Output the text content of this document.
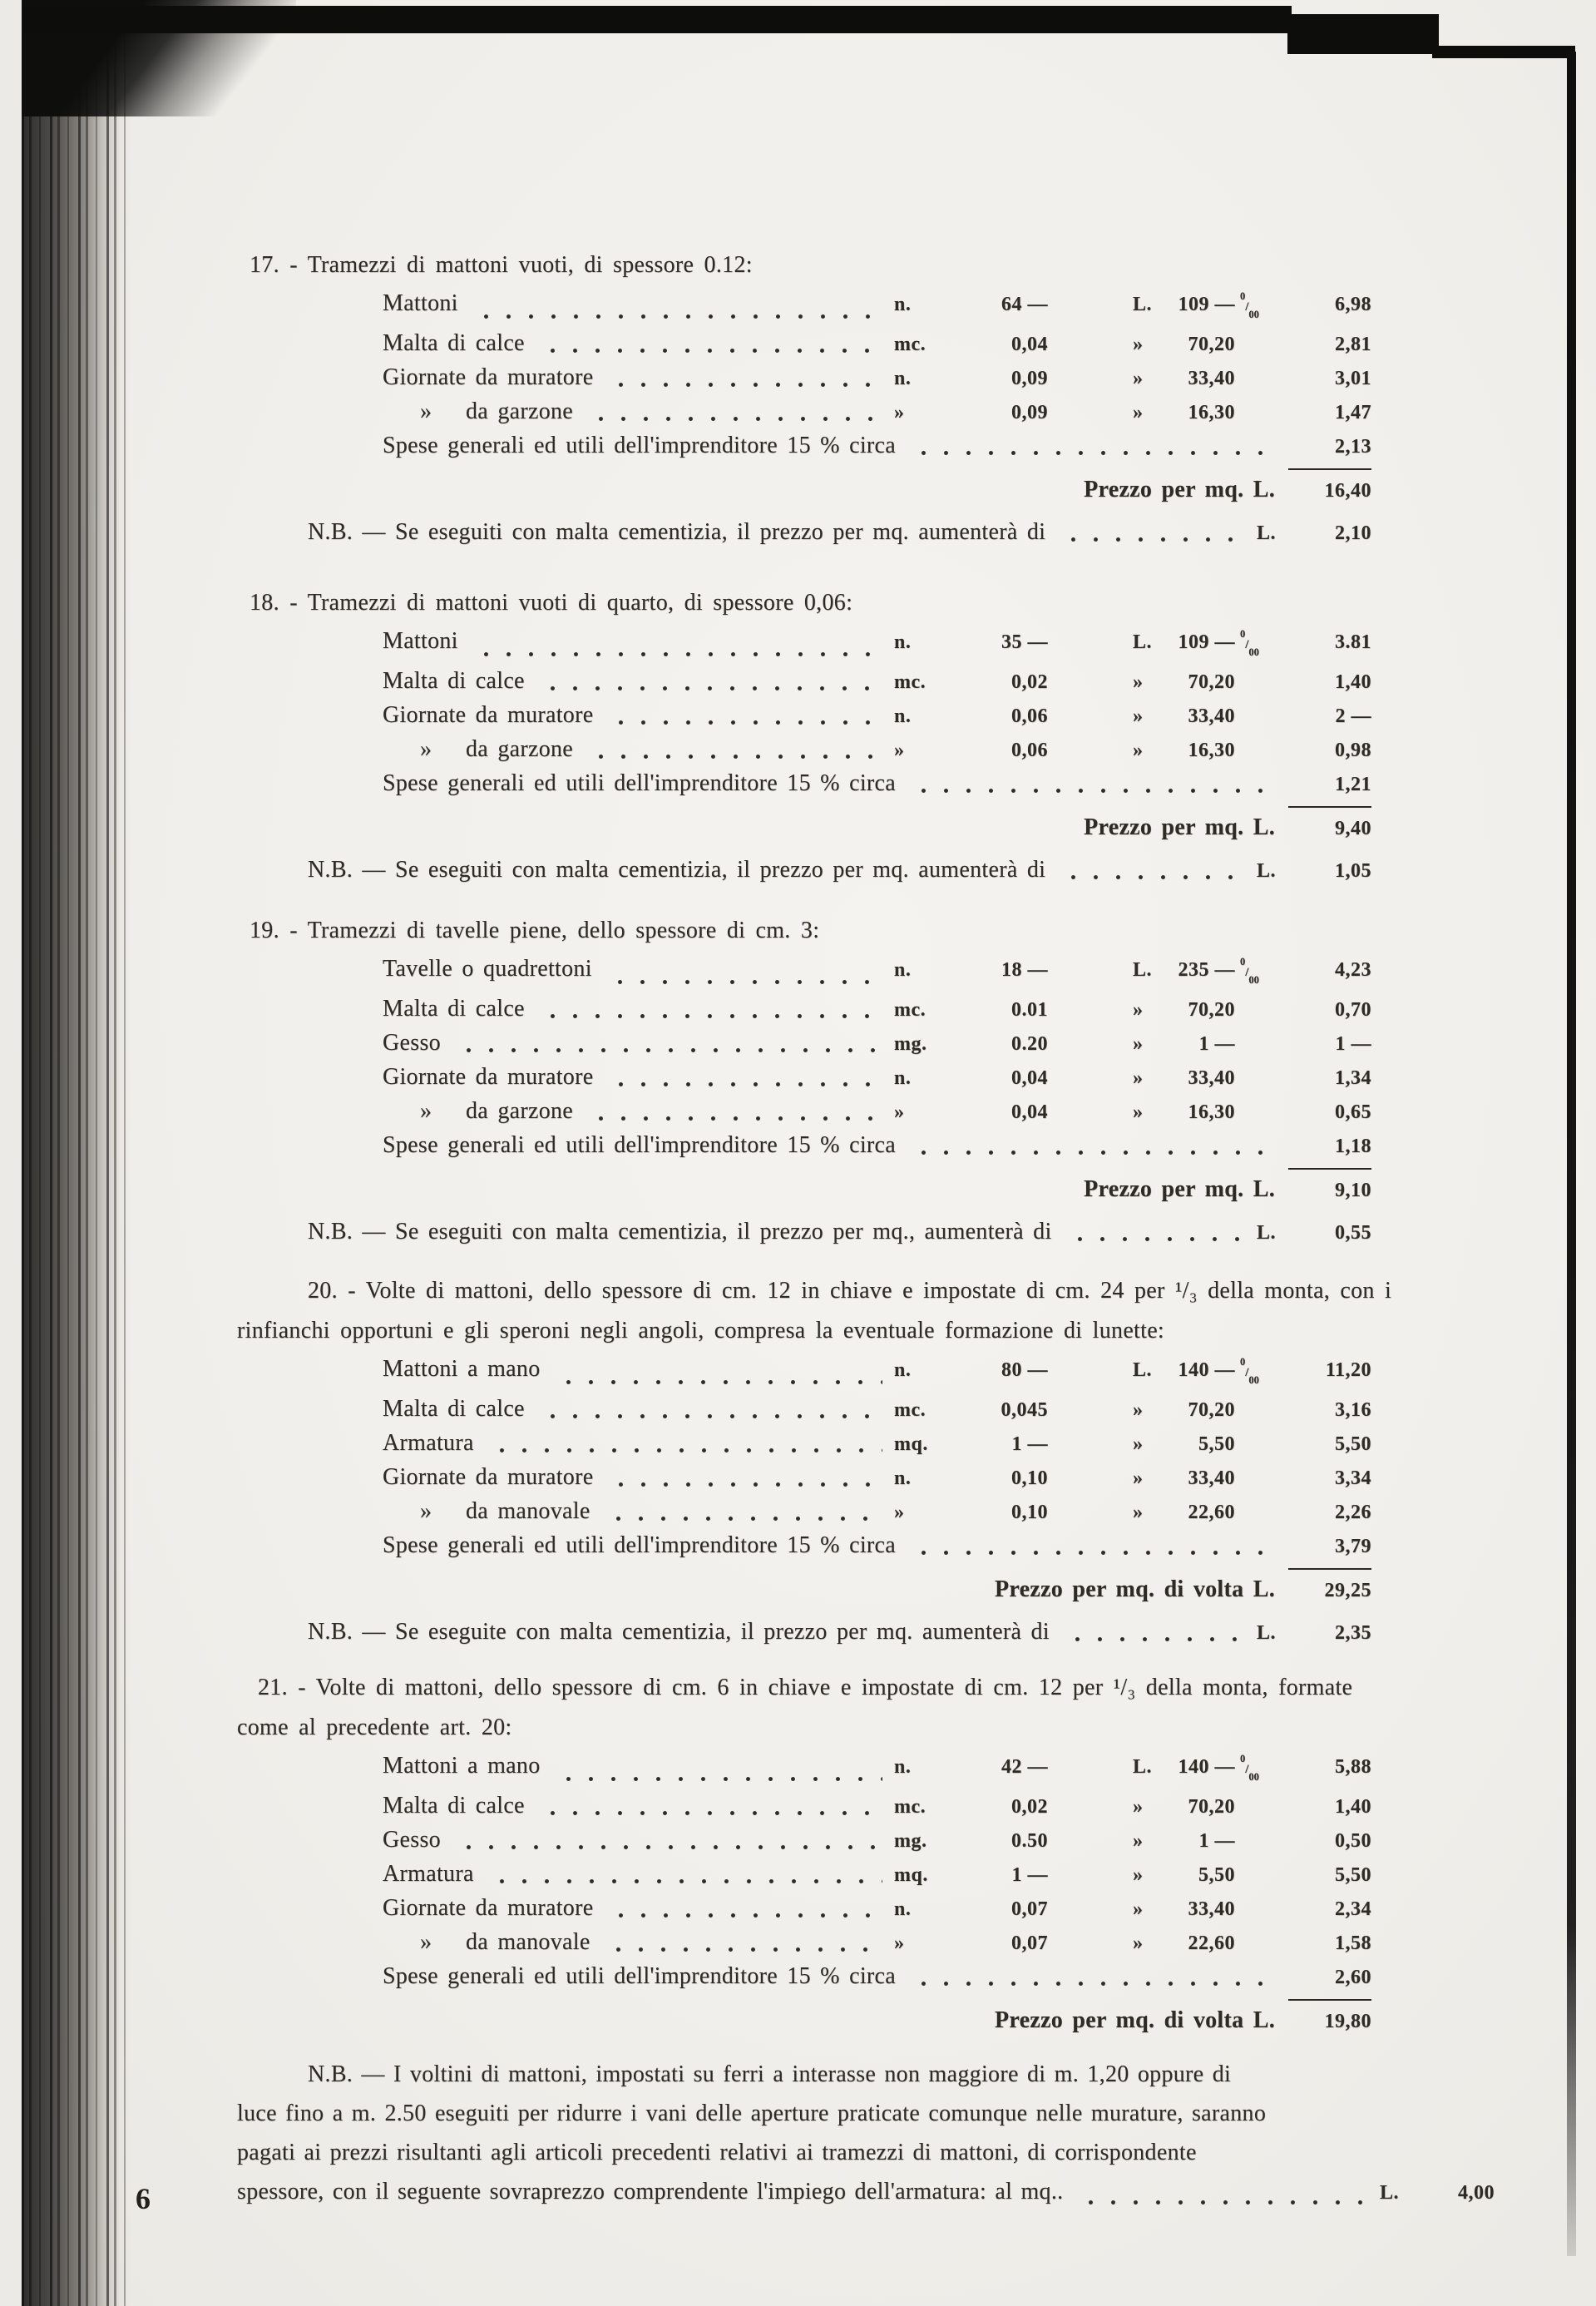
17. - Tramezzi di mattoni vuoti, di spessore 0.12:
Mattoni	n.	64 —	L.	109 — $^0/_{00}$	6,98
Malta di calce	mc.	0,04	»	70,20	2,81
Giornate da muratore	n.	0,09	»	33,40	3,01
»	da garzone	»	0,09	»	16,30	1,47
Spese generali ed utili dell'imprenditore 15 % circa	2,13
Prezzo per mq. L.	16,40
N.B. — Se eseguiti con malta cementizia, il prezzo per mq. aumenterà di	L.	2,10
18. - Tramezzi di mattoni vuoti di quarto, di spessore 0,06:
Mattoni	n.	35 —	L.	109 — $^0/_{00}$	3.81
Malta di calce	mc.	0,02	»	70,20	1,40
Giornate da muratore	n.	0,06	»	33,40	2 —
»	da garzone	»	0,06	»	16,30	0,98
Spese generali ed utili dell'imprenditore 15 % circa	1,21
Prezzo per mq. L.	9,40
N.B. — Se eseguiti con malta cementizia, il prezzo per mq. aumenterà di	L.	1,05
19. - Tramezzi di tavelle piene, dello spessore di cm. 3:
Tavelle o quadrettoni	n.	18 —	L.	235 — $^0/_{00}$	4,23
Malta di calce	mc.	0.01	»	70,20	0,70
Gesso	mg.	0.20	»	1 —	1 —
Giornate da muratore	n.	0,04	»	33,40	1,34
»	da garzone	»	0,04	»	16,30	0,65
Spese generali ed utili dell'imprenditore 15 % circa	1,18
Prezzo per mq. L.	9,10
N.B. — Se eseguiti con malta cementizia, il prezzo per mq., aumenterà di	L.	0,55
20. - Volte di mattoni, dello spessore di cm. 12 in chiave e impostate di cm. 24 per ¹/₃ della monta, con i
rinfianchi opportuni e gli speroni negli angoli, compresa la eventuale formazione di lunette:
Mattoni a mano	n.	80 —	L.	140 — $^0/_{00}$	11,20
Malta di calce	mc.	0,045	»	70,20	3,16
Armatura	mq.	1 —	»	5,50	5,50
Giornate da muratore	n.	0,10	»	33,40	3,34
»	da manovale	»	0,10	»	22,60	2,26
Spese generali ed utili dell'imprenditore 15 % circa	3,79
Prezzo per mq. di volta L.	29,25
N.B. — Se eseguite con malta cementizia, il prezzo per mq. aumenterà di	L.	2,35
21. - Volte di mattoni, dello spessore di cm. 6 in chiave e impostate di cm. 12 per ¹/₃ della monta, formate
come al precedente art. 20:
Mattoni a mano	n.	42 —	L.	140 — $^0/_{00}$	5,88
Malta di calce	mc.	0,02	»	70,20	1,40
Gesso	mg.	0.50	»	1 —	0,50
Armatura	mq.	1 —	»	5,50	5,50
Giornate da muratore	n.	0,07	»	33,40	2,34
»	da manovale	»	0,07	»	22,60	1,58
Spese generali ed utili dell'imprenditore 15 % circa	2,60
Prezzo per mq. di volta L.	19,80
N.B. — I voltini di mattoni, impostati su ferri a interasse non maggiore di m. 1,20 oppure di
luce fino a m. 2.50 eseguiti per ridurre i vani delle aperture praticate comunque nelle murature, saranno
pagati ai prezzi risultanti agli articoli precedenti relativi ai tramezzi di mattoni, di corrispondente
spessore, con il seguente sovraprezzo comprendente l'impiego dell'armatura: al mq..	L.	4,00
6
